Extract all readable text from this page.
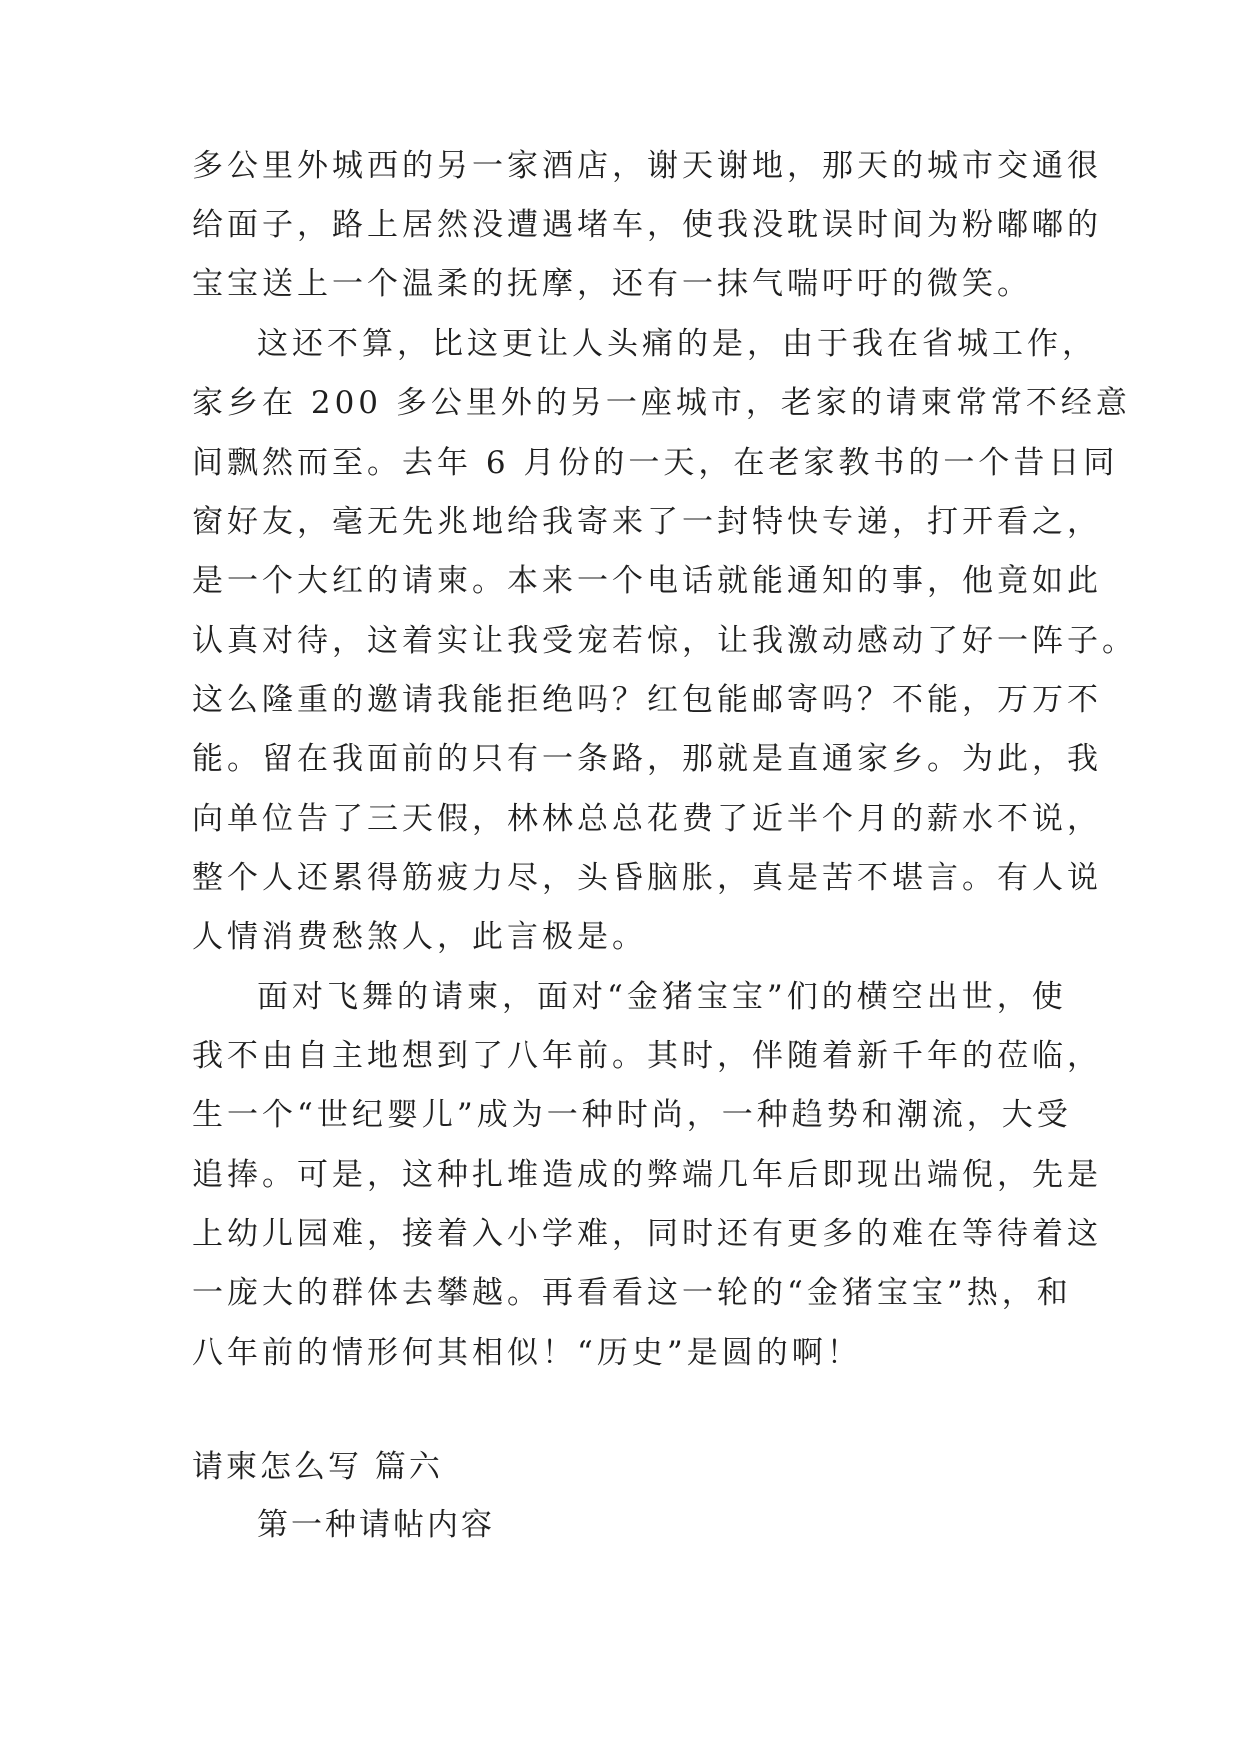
多公里外城西的另一家酒店，谢天谢地，那天的城市交通很

给面子，路上居然没遭遇堵车，使我没耽误时间为粉嘟嘟的

宝宝送上一个温柔的抚摩，还有一抹气喘吁吁的微笑。

这还不算，比这更让人头痛的是，由于我在省城工作，

家乡在 200 多公里外的另一座城市，老家的请柬常常不经意

间飘然而至。去年 6 月份的一天，在老家教书的一个昔日同

窗好友，毫无先兆地给我寄来了一封特快专递，打开看之，

是一个大红的请柬。本来一个电话就能通知的事，他竟如此

认真对待，这着实让我受宠若惊，让我激动感动了好一阵子。

这么隆重的邀请我能拒绝吗？红包能邮寄吗？不能，万万不

能。留在我面前的只有一条路，那就是直通家乡。为此，我

向单位告了三天假，林林总总花费了近半个月的薪水不说，

整个人还累得筋疲力尽，头昏脑胀，真是苦不堪言。有人说

人情消费愁煞人，此言极是。

面对飞舞的请柬，面对“金猪宝宝”们的横空出世，使

我不由自主地想到了八年前。其时，伴随着新千年的莅临，

生一个“世纪婴儿”成为一种时尚，一种趋势和潮流，大受

追捧。可是，这种扎堆造成的弊端几年后即现出端倪，先是

上幼儿园难，接着入小学难，同时还有更多的难在等待着这

一庞大的群体去攀越。再看看这一轮的“金猪宝宝”热，和

八年前的情形何其相似！“历史”是圆的啊！

请柬怎么写 篇六

第一种请帖内容
